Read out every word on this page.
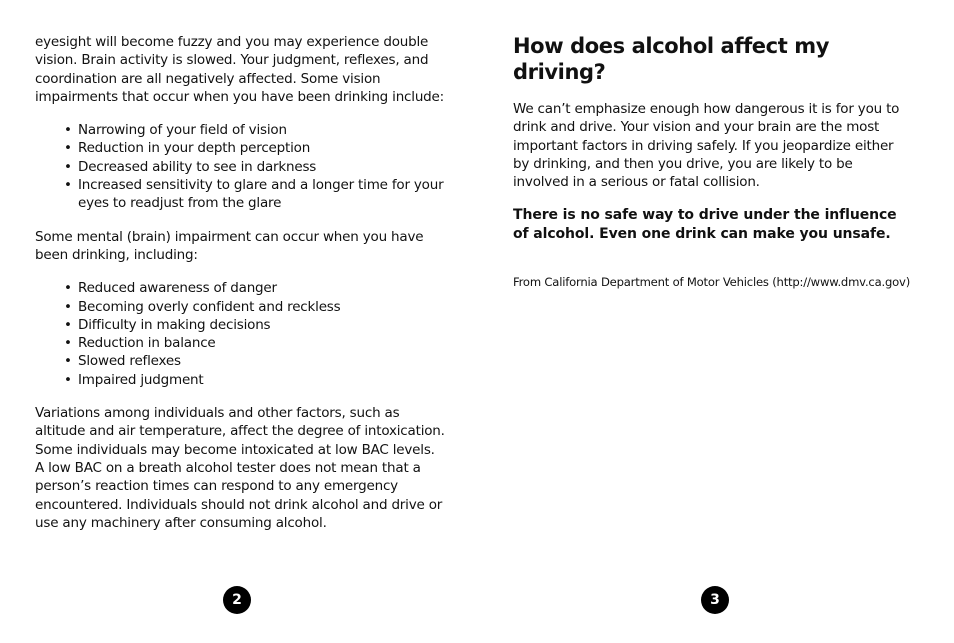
eyesight will become fuzzy and you may experience double vision. Brain activity is slowed. Your judgment, reflexes, and coordination are all negatively affected. Some vision impairments that occur when you have been drinking include:

• Narrowing of your field of vision
• Reduction in your depth perception
• Decreased ability to see in darkness
• Increased sensitivity to glare and a longer time for your eyes to readjust from the glare

Some mental (brain) impairment can occur when you have been drinking, including:

• Reduced awareness of danger
• Becoming overly confident and reckless
• Difficulty in making decisions
• Reduction in balance
• Slowed reflexes
• Impaired judgment

Variations among individuals and other factors, such as altitude and air temperature, affect the degree of intoxication. Some individuals may become intoxicated at low BAC levels. A low BAC on a breath alcohol tester does not mean that a person’s reaction times can respond to any emergency encountered. Individuals should not drink alcohol and drive or use any machinery after consuming alcohol.

2
How does alcohol affect my driving?

We can’t emphasize enough how dangerous it is for you to drink and drive. Your vision and your brain are the most important factors in driving safely. If you jeopardize either by drinking, and then you drive, you are likely to be involved in a serious or fatal collision.

There is no safe way to drive under the influence of alcohol. Even one drink can make you unsafe.

From California Department of Motor Vehicles (http://www.dmv.ca.gov)
3
